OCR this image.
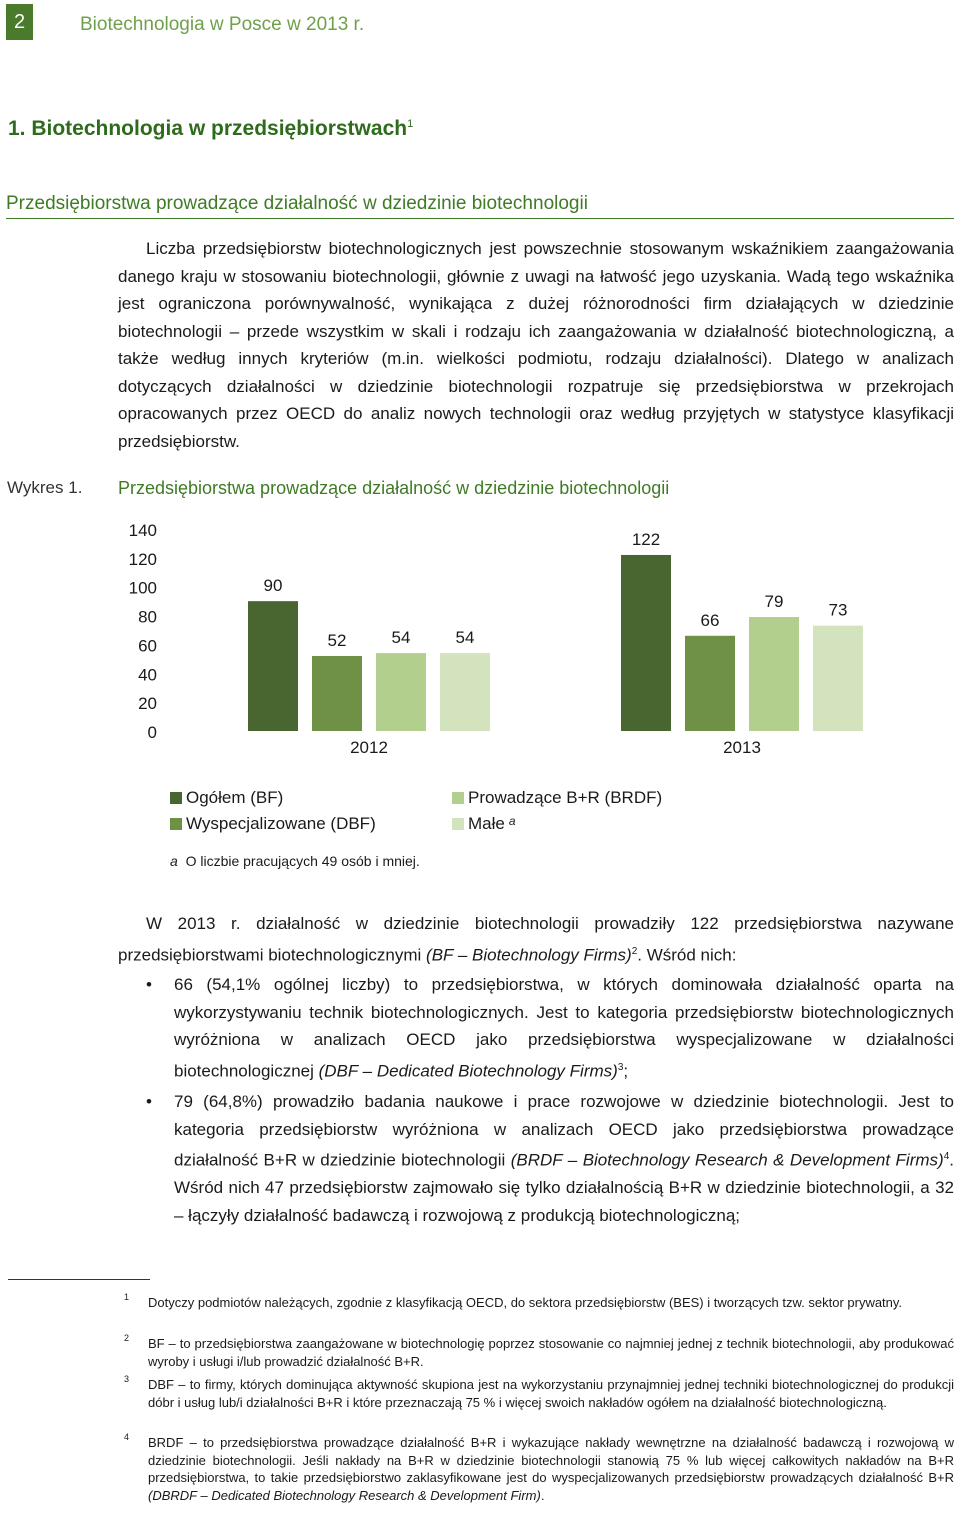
2	Biotechnologia w Posce w 2013 r.
1. Biotechnologia w przedsiębiorstwach$^1$
Przedsiębiorstwa prowadzące działalność w dziedzinie biotechnologii

Liczba przedsiębiorstw biotechnologicznych jest powszechnie stosowanym wskaźnikiem zaangażowania danego kraju w stosowaniu biotechnologii, głównie z uwagi na łatwość jego uzyskania. Wadą tego wskaźnika jest ograniczona porównywalność, wynikająca z dużej różnorodności firm działających w dziedzinie biotechnologii – przede wszystkim w skali i rodzaju ich zaangażowania w działalność biotechnologiczną, a także według innych kryteriów (m.in. wielkości podmiotu, rodzaju działalności). Dlatego w analizach dotyczących działalności w dziedzinie biotechnologii rozpatruje się przedsiębiorstwa w przekrojach opracowanych przez OECD do analiz nowych technologii oraz według przyjętych w statystyce klasyfikacji przedsiębiorstw.

Wykres 1. Przedsiębiorstwa prowadzące działalność w dziedzinie biotechnologii
140
120
100
80
60
40
20
0
90
52	54	54
122
66
79	73
2012	2013
Ogółem (BF)
Wyspecjalizowane (DBF)
Prowadzące B+R (BRDF)
Małe a
a O liczbie pracujących 49 osób i mniej.

W 2013 r. działalność w dziedzinie biotechnologii prowadziły 122 przedsiębiorstwa nazywane przedsiębiorstwami biotechnologicznymi (BF – Biotechnology Firms)$^2$. Wśród nich:

• 66 (54,1% ogólnej liczby) to przedsiębiorstwa, w których dominowała działalność oparta na wykorzystywaniu technik biotechnologicznych. Jest to kategoria przedsiębiorstw biotechnologicznych wyróżniona w analizach OECD jako przedsiębiorstwa wyspecjalizowane w działalności biotechnologicznej (DBF – Dedicated Biotechnology Firms)$^3$;
• 79 (64,8%) prowadziło badania naukowe i prace rozwojowe w dziedzinie biotechnologii. Jest to kategoria przedsiębiorstw wyróżniona w analizach OECD jako przedsiębiorstwa prowadzące działalność B+R w dziedzinie biotechnologii (BRDF – Biotechnology Research & Development Firms)$^4$. Wśród nich 47 przedsiębiorstw zajmowało się tylko działalnością B+R w dziedzinie biotechnologii, a 32 – łączyły działalność badawczą i rozwojową z produkcją biotechnologiczną;
1	Dotyczy podmiotów należących, zgodnie z klasyfikacją OECD, do sektora przedsiębiorstw (BES) i tworzących tzw. sektor prywatny.
2	BF – to przedsiębiorstwa zaangażowane w biotechnologię poprzez stosowanie co najmniej jednej z technik biotechnologii, aby produkować wyroby i usługi i/lub prowadzić działalność B+R.
3	DBF – to firmy, których dominująca aktywność skupiona jest na wykorzystaniu przynajmniej jednej techniki biotechnologicznej do produkcji dóbr i usług lub/i działalności B+R i które przeznaczają 75 % i więcej swoich nakładów ogółem na działalność biotechnologiczną.
4	BRDF – to przedsiębiorstwa prowadzące działalność B+R i wykazujące nakłady wewnętrzne na działalność badawczą i rozwojową w dziedzinie biotechnologii. Jeśli nakłady na B+R w dziedzinie biotechnologii stanowią 75 % lub więcej całkowitych nakładów na B+R przedsiębiorstwa, to takie przedsiębiorstwo zaklasyfikowane jest do wyspecjalizowanych przedsiębiorstw prowadzących działalność B+R (DBRDF – Dedicated Biotechnology Research & Development Firm).
